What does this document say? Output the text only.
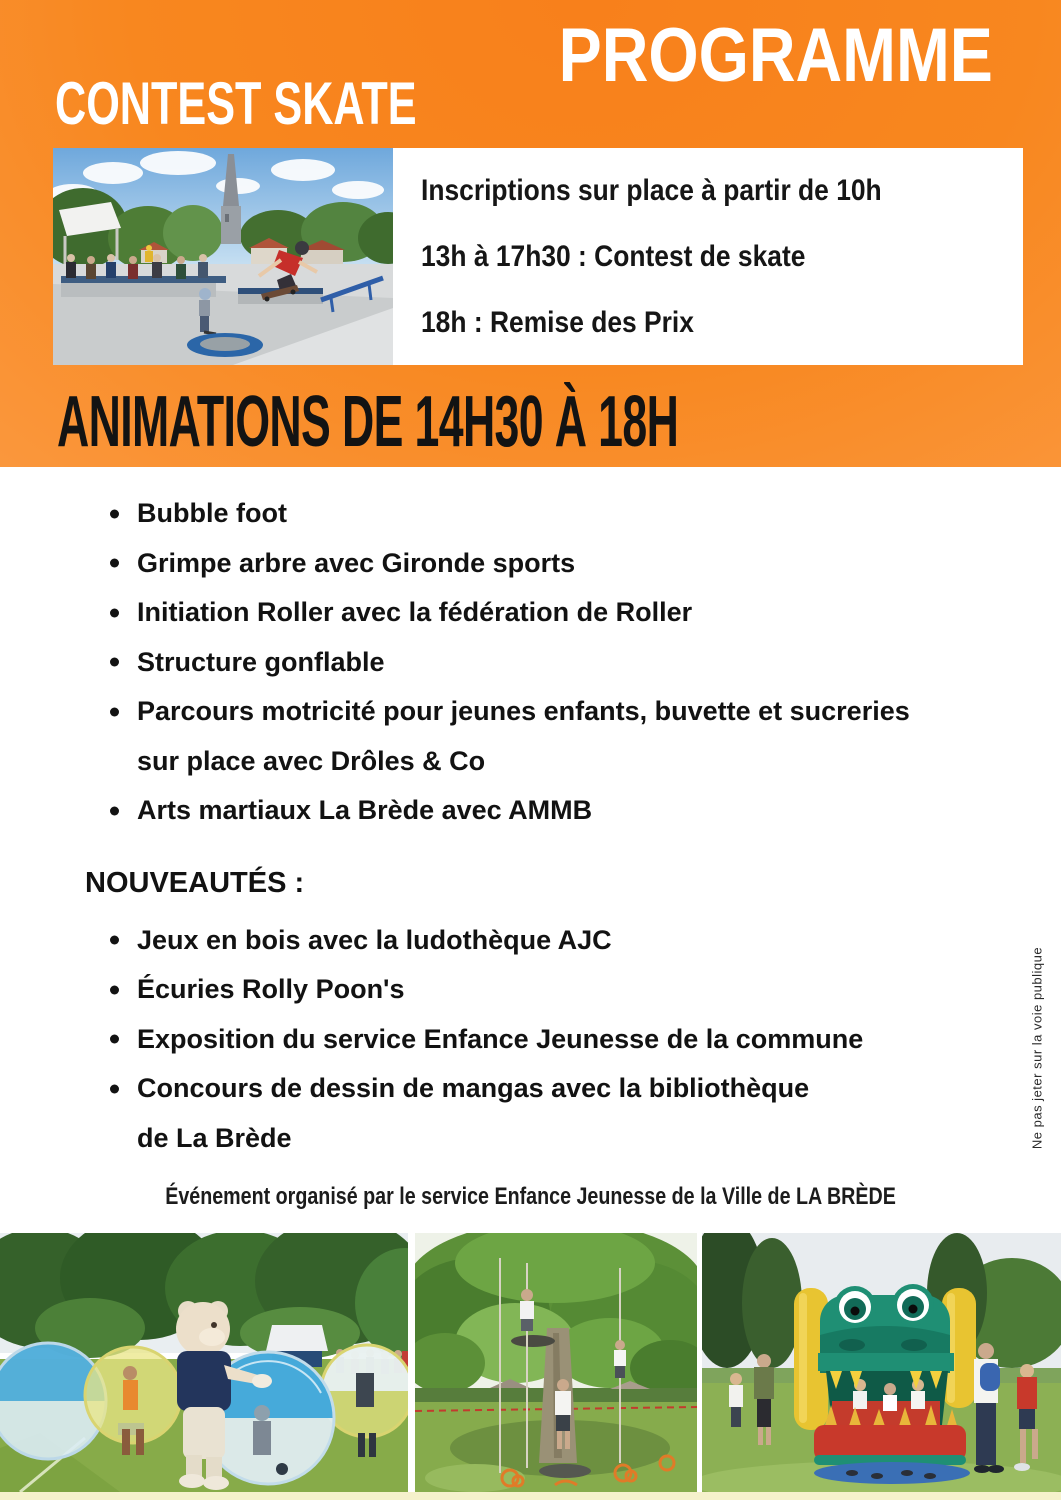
PROGRAMME
CONTEST SKATE
Inscriptions sur place à partir de 10h
13h à 17h30 : Contest de skate
18h : Remise des Prix
ANIMATIONS DE 14H30 À 18H
Bubble foot
Grimpe arbre avec Gironde sports
Initiation Roller avec la fédération de Roller
Structure gonflable
Parcours motricité pour jeunes enfants, buvette et sucreries
sur place avec Drôles & Co
Arts martiaux La Brède avec AMMB
NOUVEAUTÉS :
Jeux en bois avec la ludothèque AJC
Écuries Rolly Poon's
Exposition du service Enfance Jeunesse de la commune
Concours de dessin de mangas avec la bibliothèque
de La Brède
Événement organisé par le service Enfance Jeunesse de la Ville de LA BRÈDE
Ne pas jeter sur la voie publique
